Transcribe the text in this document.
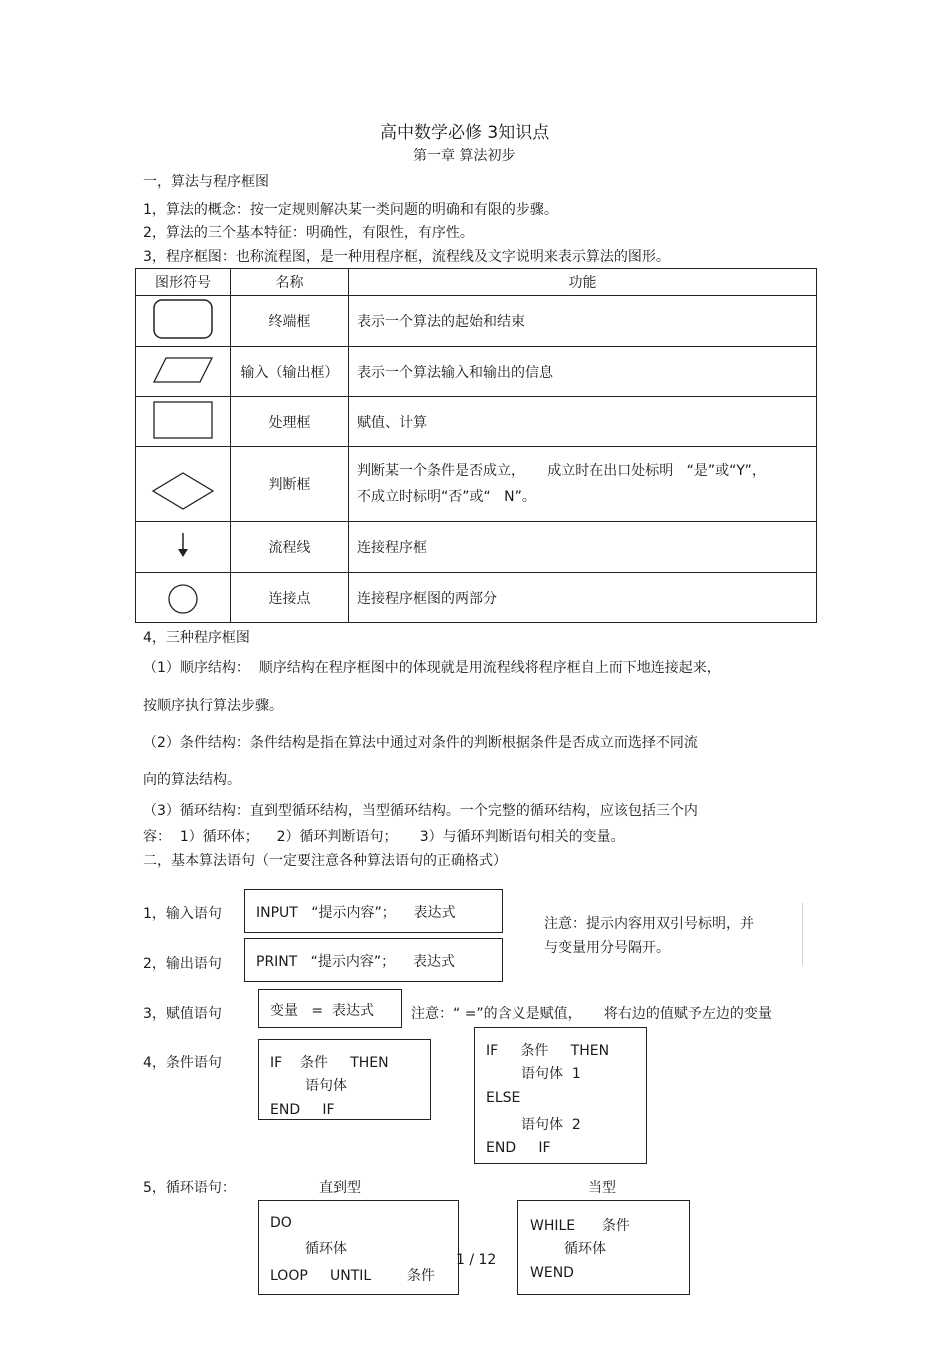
高中数学必修 3知识点
第一章 算法初步
一，算法与程序框图
1，算法的概念：按一定规则解决某一类问题的明确和有限的步骤。
2，算法的三个基本特征：明确性，有限性，有序性。
3，程序框图：也称流程图，是一种用程序框，流程线及文字说明来表示算法的图形。
图形符号	名称	功能
	终端框	表示一个算法的起始和结束
	输入（输出框）	表示一个算法输入和输出的信息
	处理框	赋值、计算
	判断框	判断某一个条件是否成立，     成立时在出口处标明   “是”或“Y”，
不成立时标明“否”或“   N”。

	流程线	连接程序框
	连接点	连接程序框图的两部分
4，三种程序框图
（1）顺序结构：  顺序结构在程序框图中的体现就是用流程线将程序框自上而下地连接起来，
按顺序执行算法步骤。
（2）条件结构：条件结构是指在算法中通过对条件的判断根据条件是否成立而选择不同流
向的算法结构。
（3）循环结构：直到型循环结构，当型循环结构。一个完整的循环结构，应该包括三个内
容：  1）循环体；    2）循环判断语句；     3）与循环判断语句相关的变量。
二，基本算法语句（一定要注意各种算法语句的正确格式）
1，输入语句 INPUT   “提示内容”；    表达式
2，输出语句 PRINT   “提示内容”；    表达式
注意：提示内容用双引号标明，并
与变量用分号隔开。
3，赋值语句	变量   =  表达式	注意：“ =”的含义是赋值，     将右边的值赋予左边的变量
4，条件语句	IF    条件     THEN
语句体
END     IF
IF     条件     THEN
语句体  1
ELSE
语句体  2
END     IF
5，循环语句：	直到型	当型
DO
循环体
LOOP     UNTIL        条件
WHILE      条件
循环体
WEND
1 / 12
